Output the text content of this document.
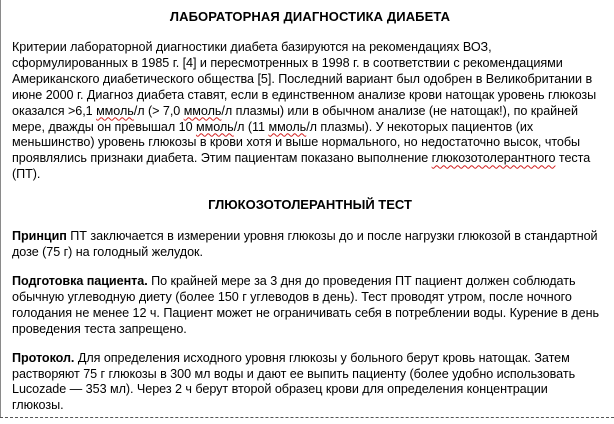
ЛАБОРАТОРНАЯ ДИАГНОСТИКА ДИАБЕТА
Критерии лабораторной диагностики диабета базируются на рекомендациях ВОЗ,
сформулированных в 1985 г. [4] и пересмотренных в 1998 г. в соответствии с рекомендациями
Американского диабетического общества [5]. Последний вариант был одобрен в Великобритании в
июне 2000 г. Диагноз диабета ставят, если в единственном анализе крови натощак уровень глюкозы
оказался >6,1 ммоль/л (> 7,0 ммоль/л плазмы) или в обычном анализе (не натощак!), по крайней
мере, дважды он превышал 10 ммоль/л (11 ммоль/л плазмы). У некоторых пациентов (их
меньшинство) уровень глюкозы в крови хотя и выше нормального, но недостаточно высок, чтобы
проявлялись признаки диабета. Этим пациентам показано выполнение глюкозотолерантного теста
(ПТ).
ГЛЮКОЗОТОЛЕРАНТНЫЙ ТЕСТ
Принцип ПТ заключается в измерении уровня глюкозы до и после нагрузки глюкозой в стандартной
дозе (75 г) на голодный желудок.
Подготовка пациента. По крайней мере за 3 дня до проведения ПТ пациент должен соблюдать
обычную углеводную диету (более 150 г углеводов в день). Тест проводят утром, после ночного
голодания не менее 12 ч. Пациент может не ограничивать себя в потреблении воды. Курение в день
проведения теста запрещено.
Протокол. Для определения исходного уровня глюкозы у больного берут кровь натощак. Затем
растворяют 75 г глюкозы в 300 мл воды и дают ее выпить пациенту (более удобно использовать
Lucozade — 353 мл). Через 2 ч берут второй образец крови для определения концентрации
глюкозы.
